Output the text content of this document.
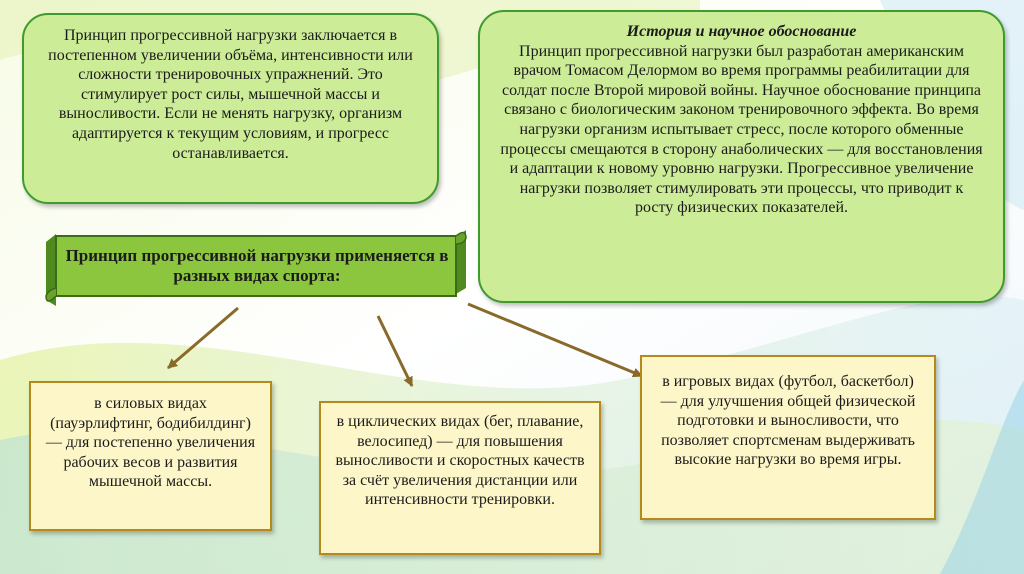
Принцип прогрессивной нагрузки заключается в постепенном увеличении объёма, интенсивности или сложности тренировочных упражнений. Это стимулирует рост силы, мышечной массы и выносливости. Если не менять нагрузку, организм адаптируется к текущим условиям, и прогресс останавливается.
История и научное обоснование
Принцип прогрессивной нагрузки был разработан американским врачом Томасом Делормом во время программы реабилитации для солдат после Второй мировой войны. Научное обоснование принципа связано с биологическим законом тренировочного эффекта. Во время нагрузки организм испытывает стресс, после которого обменные процессы смещаются в сторону анаболических — для восстановления и адаптации к новому уровню нагрузки. Прогрессивное увеличение нагрузки позволяет стимулировать эти процессы, что приводит к росту физических показателей.
Принцип прогрессивной нагрузки применяется в разных видах спорта:
в силовых видах (пауэрлифтинг, бодибилдинг) — для постепенно увеличения рабочих весов и развития мышечной массы.
в циклических видах (бег, плавание, велосипед) — для повышения выносливости и скоростных качеств за счёт увеличения дистанции или интенсивности тренировки.
в игровых видах (футбол, баскетбол) — для улучшения общей физической подготовки и выносливости, что позволяет спортсменам выдерживать высокие нагрузки во время игры.
